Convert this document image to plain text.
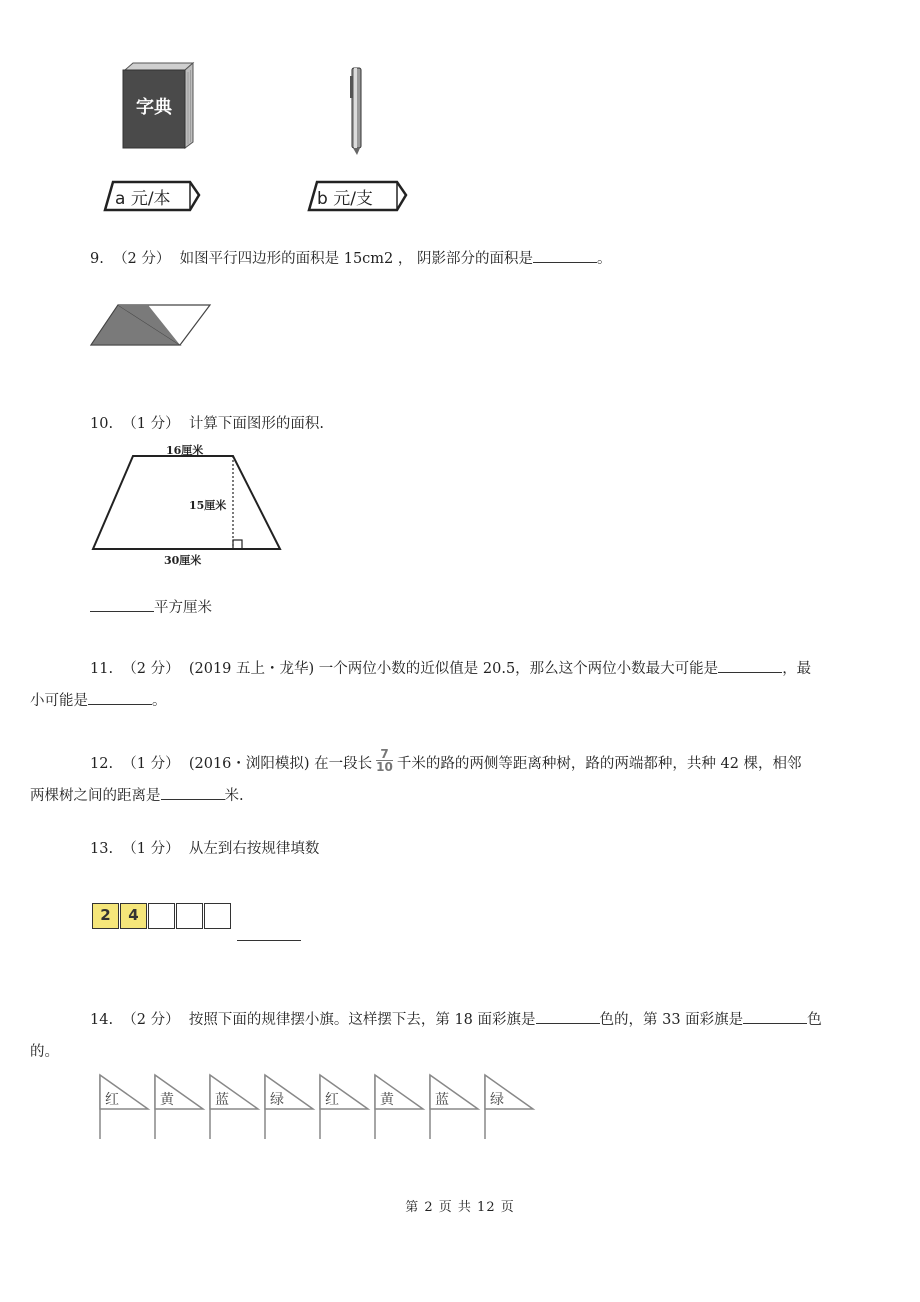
字典
a 元/本	b 元/支
9. （2 分） 如图平行四边形的面积是 15cm2 ， 阴影部分的面积是	。
10. （1 分） 计算下面图形的面积.
16厘米
15厘米
30厘米
平方厘米
11. （2 分） (2019 五上・龙华) 一个两位小数的近似值是 20.5，那么这个两位小数最大可能是	，最
小可能是	。
12. （1 分） (2016・浏阳模拟) 在一段长 $\frac{7}{10}$ 千米的路的两侧等距离种树，路的两端都种，共种 42 棵，相邻
两棵树之间的距离是	米.
13. （1 分） 从左到右按规律填数
2	4
14. （2 分） 按照下面的规律摆小旗。这样摆下去，第 18 面彩旗是	色的，第 33 面彩旗是	色
的。
红	黄	蓝	绿	红	黄	蓝	绿
第 2 页 共 12 页
